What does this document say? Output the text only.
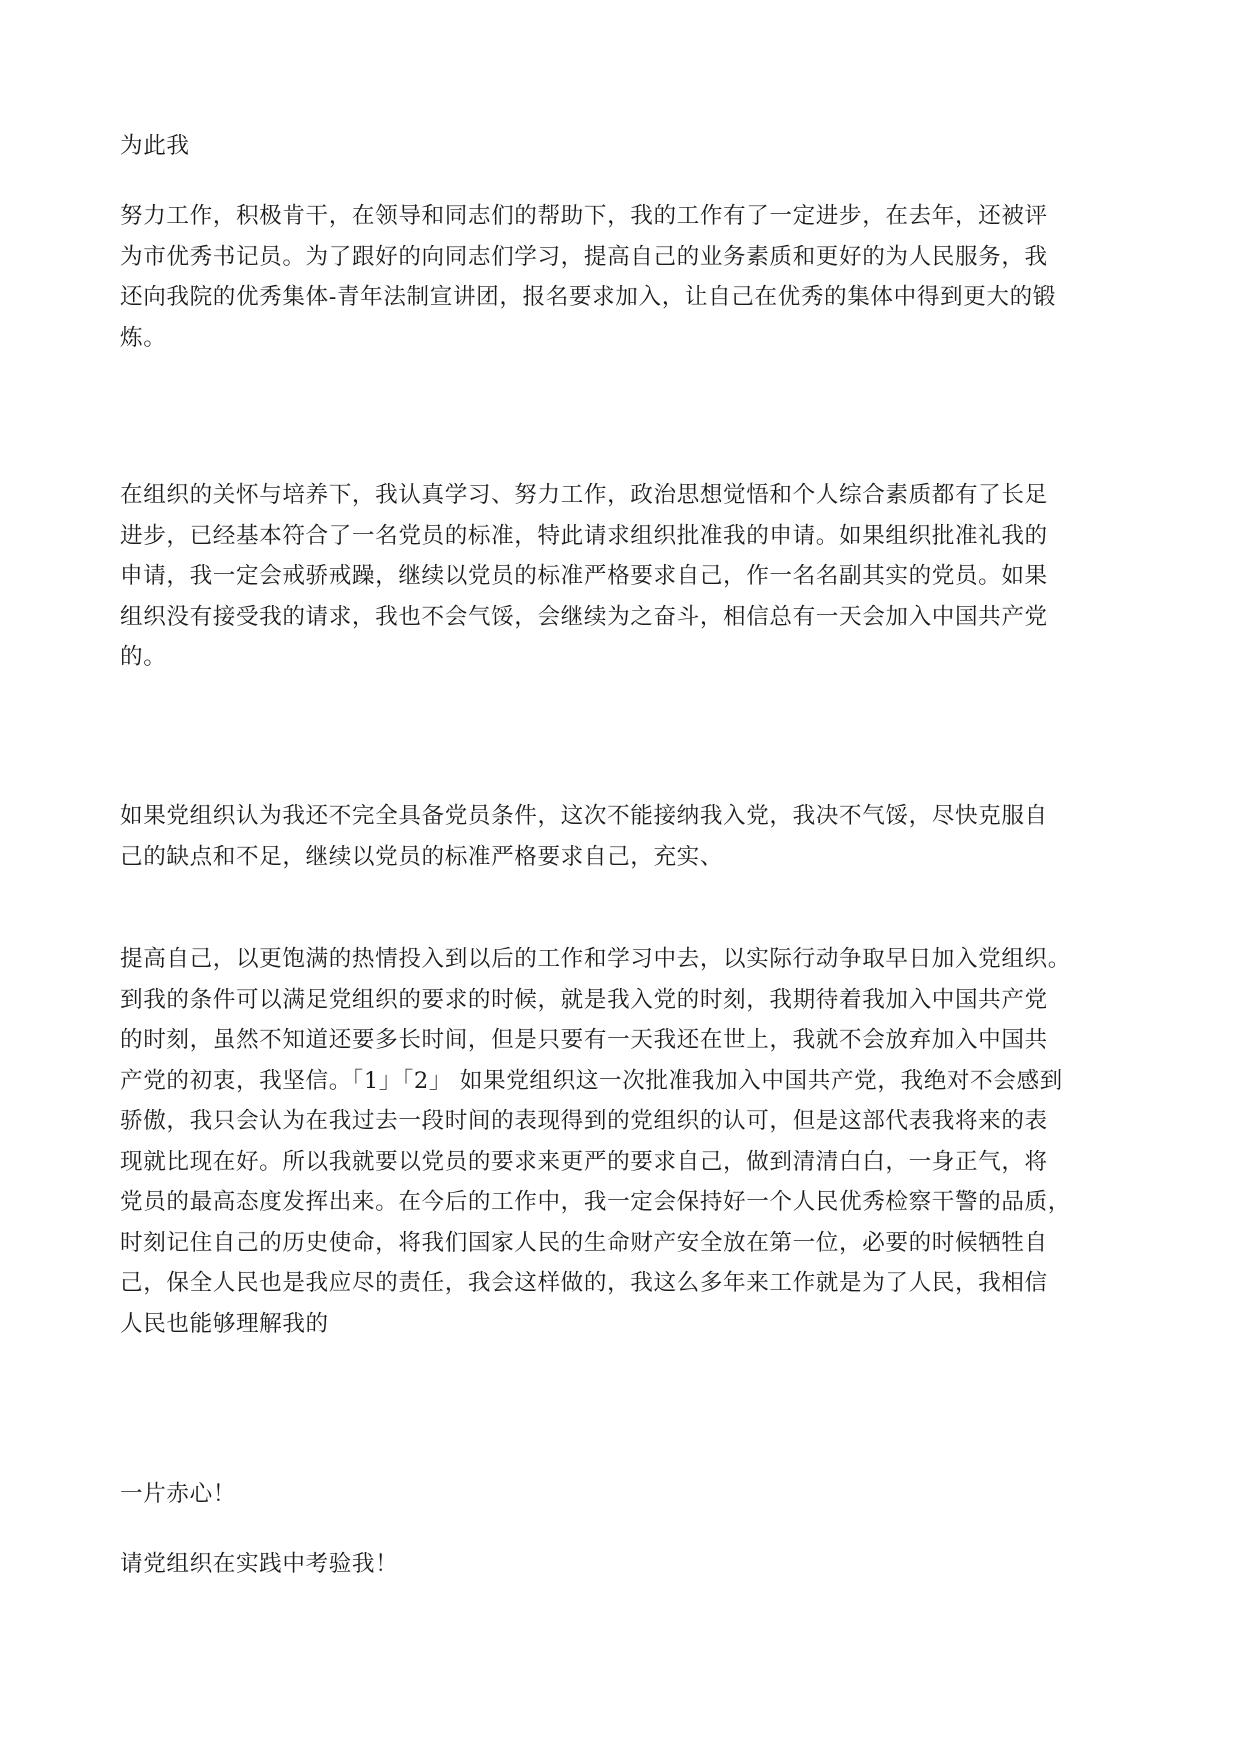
为此我
努力工作，积极肯干，在领导和同志们的帮助下，我的工作有了一定进步，在去年，还被评
为市优秀书记员。为了跟好的向同志们学习，提高自己的业务素质和更好的为人民服务，我
还向我院的优秀集体-青年法制宣讲团，报名要求加入，让自己在优秀的集体中得到更大的锻
炼。
在组织的关怀与培养下，我认真学习、努力工作，政治思想觉悟和个人综合素质都有了长足
进步，已经基本符合了一名党员的标准，特此请求组织批准我的申请。如果组织批准礼我的
申请，我一定会戒骄戒躁，继续以党员的标准严格要求自己，作一名名副其实的党员。如果
组织没有接受我的请求，我也不会气馁，会继续为之奋斗，相信总有一天会加入中国共产党
的。
如果党组织认为我还不完全具备党员条件，这次不能接纳我入党，我决不气馁，尽快克服自
己的缺点和不足，继续以党员的标准严格要求自己，充实、
提高自己，以更饱满的热情投入到以后的工作和学习中去，以实际行动争取早日加入党组织。
到我的条件可以满足党组织的要求的时候，就是我入党的时刻，我期待着我加入中国共产党
的时刻，虽然不知道还要多长时间，但是只要有一天我还在世上，我就不会放弃加入中国共
产党的初衷，我坚信。「1」「2」 如果党组织这一次批准我加入中国共产党，我绝对不会感到
骄傲，我只会认为在我过去一段时间的表现得到的党组织的认可，但是这部代表我将来的表
现就比现在好。所以我就要以党员的要求来更严的要求自己，做到清清白白，一身正气，将
党员的最高态度发挥出来。在今后的工作中，我一定会保持好一个人民优秀检察干警的品质，
时刻记住自己的历史使命，将我们国家人民的生命财产安全放在第一位，必要的时候牺牲自
己，保全人民也是我应尽的责任，我会这样做的，我这么多年来工作就是为了人民，我相信
人民也能够理解我的
一片赤心！
请党组织在实践中考验我！
